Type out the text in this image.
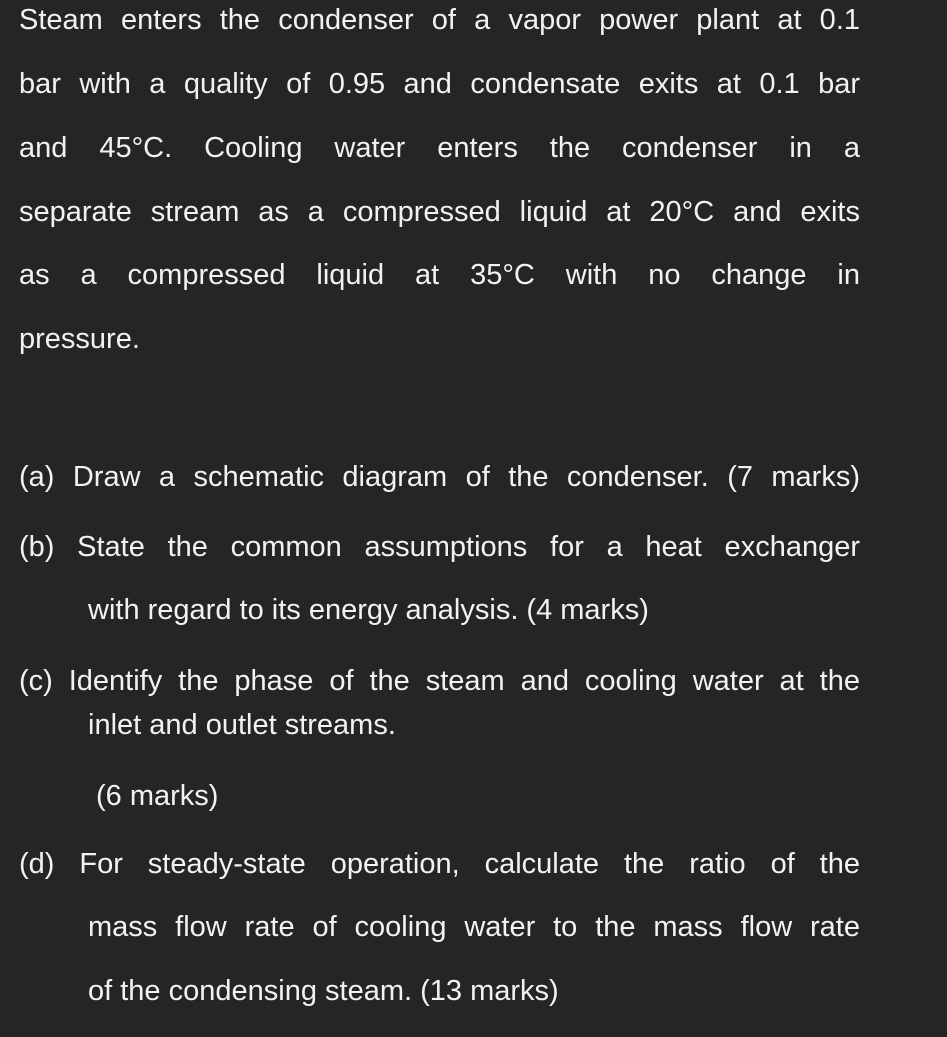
Steam enters the condenser of a vapor power plant at 0.1

bar with a quality of 0.95 and condensate exits at 0.1 bar

and 45°C. Cooling water enters the condenser in a

separate stream as a compressed liquid at 20°C and exits

as a compressed liquid at 35°C with no change in

pressure.

(a) Draw a schematic diagram of the condenser. (7 marks)

(b) State the common assumptions for a heat exchanger

with regard to its energy analysis. (4 marks)

(c) Identify the phase of the steam and cooling water at the

inlet and outlet streams.

(6 marks)

(d) For steady-state operation, calculate the ratio of the

mass flow rate of cooling water to the mass flow rate

of the condensing steam. (13 marks)
